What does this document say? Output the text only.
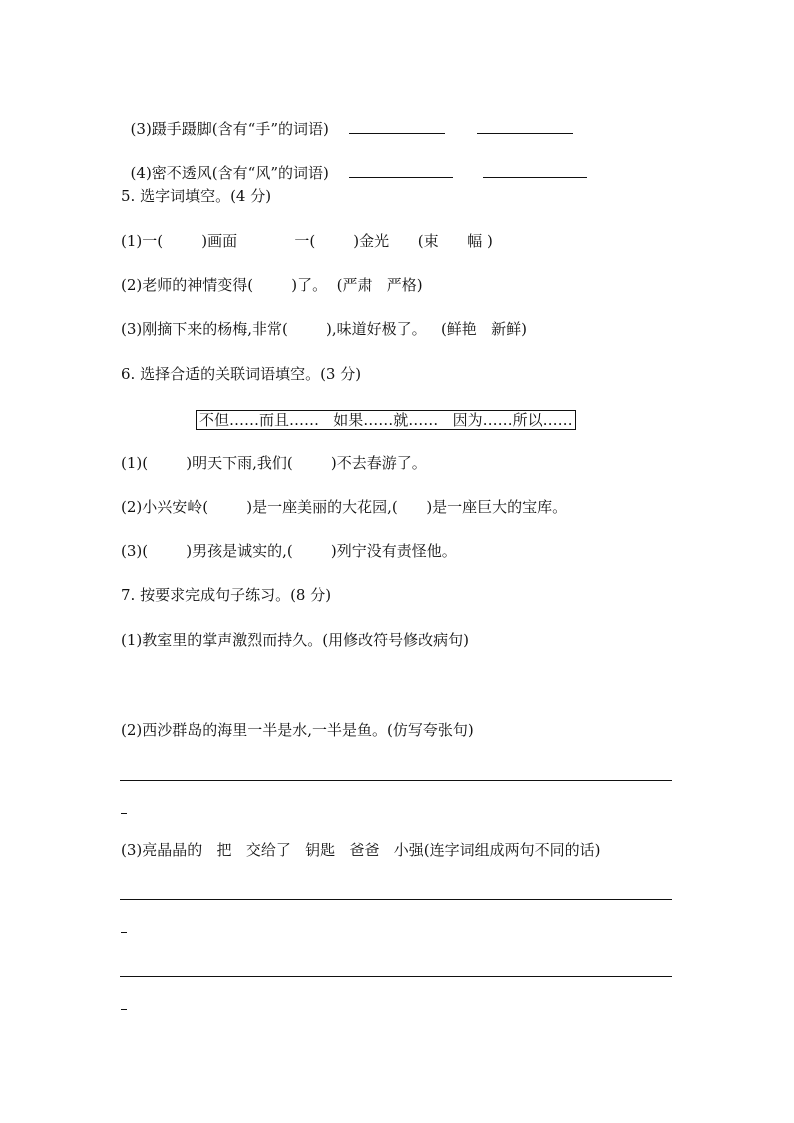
(3)蹑手蹑脚(含有“手”的词语)

(4)密不透风(含有“风”的词语)

5. 选字词填空。(4 分)
(1)一(        )画面            一(        )金光      (束      幅 )
(2)老师的神情变得(        )了。  (严肃   严格)
(3)刚摘下来的杨梅,非常(        ),味道好极了。   (鲜艳   新鲜)
6. 选择合适的关联词语填空。(3 分)
不但……而且……   如果……就……   因为……所以……
(1)(        )明天下雨,我们(        )不去春游了。
(2)小兴安岭(        )是一座美丽的大花园,(      )是一座巨大的宝库。
(3)(        )男孩是诚实的,(        )列宁没有责怪他。
7. 按要求完成句子练习。(8 分)
(1)教室里的掌声激烈而持久。(用修改符号修改病句)
(2)西沙群岛的海里一半是水,一半是鱼。(仿写夸张句)
(3)亮晶晶的   把   交给了   钥匙   爸爸   小强(连字词组成两句不同的话)
